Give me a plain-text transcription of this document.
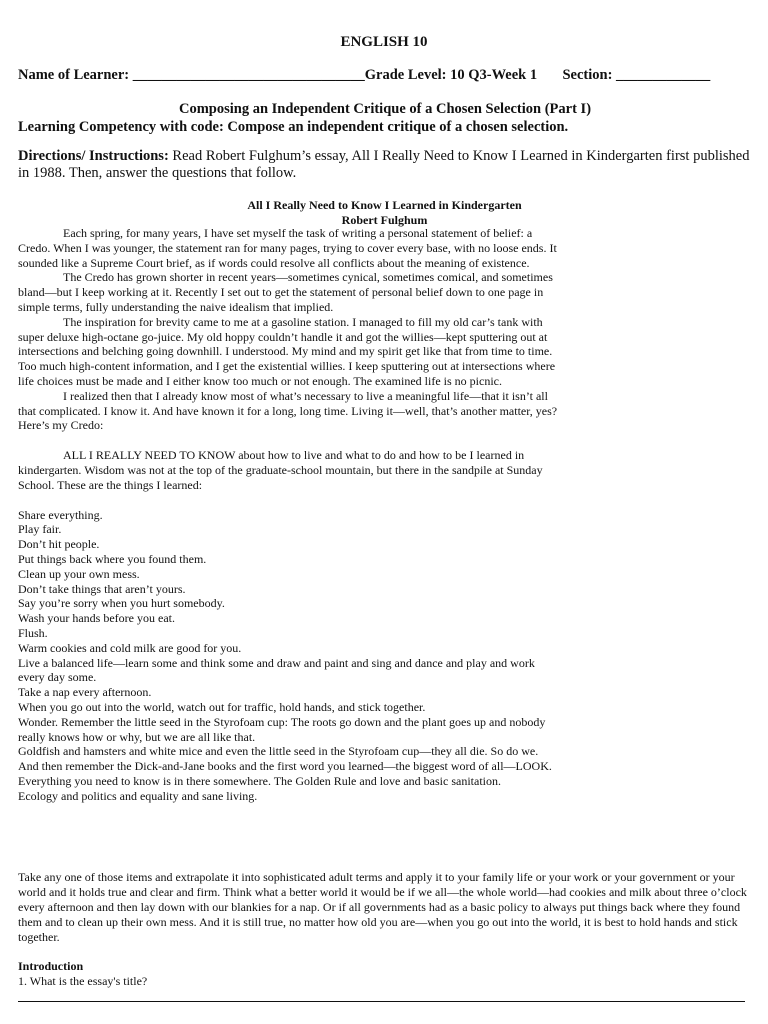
ENGLISH 10
Name of Learner: ________________________________Grade Level: 10 Q3-Week 1       Section: _____________
Composing an Independent Critique of a Chosen Selection (Part I)
Learning Competency with code: Compose an independent critique of a chosen selection.
Directions/ Instructions: Read Robert Fulghum’s essay, All I Really Need to Know I Learned in Kindergarten first published in 1988. Then, answer the questions that follow.
All I Really Need to Know I Learned in Kindergarten
Robert Fulghum

Each spring, for many years, I have set myself the task of writing a personal statement of belief: a Credo. When I was younger, the statement ran for many pages, trying to cover every base, with no loose ends. It sounded like a Supreme Court brief, as if words could resolve all conflicts about the meaning of existence.

The Credo has grown shorter in recent years—sometimes cynical, sometimes comical, and sometimes bland—but I keep working at it. Recently I set out to get the statement of personal belief down to one page in simple terms, fully understanding the naive idealism that implied.

The inspiration for brevity came to me at a gasoline station. I managed to fill my old car’s tank with super deluxe high-octane go-juice. My old hoppy couldn’t handle it and got the willies—kept sputtering out at intersections and belching going downhill. I understood. My mind and my spirit get like that from time to time. Too much high-content information, and I get the existential willies. I keep sputtering out at intersections where life choices must be made and I either know too much or not enough. The examined life is no picnic.

I realized then that I already know most of what’s necessary to live a meaningful life—that it isn’t all that complicated. I know it. And have known it for a long, long time. Living it—well, that’s another matter, yes? Here’s my Credo:

ALL I REALLY NEED TO KNOW about how to live and what to do and how to be I learned in kindergarten. Wisdom was not at the top of the graduate-school mountain, but there in the sandpile at Sunday School. These are the things I learned:

Share everything.
Play fair.
Don’t hit people.
Put things back where you found them.
Clean up your own mess.
Don’t take things that aren’t yours.
Say you’re sorry when you hurt somebody.
Wash your hands before you eat.
Flush.
Warm cookies and cold milk are good for you.
Live a balanced life—learn some and think some and draw and paint and sing and dance and play and work every day some.
Take a nap every afternoon.
When you go out into the world, watch out for traffic, hold hands, and stick together.
Wonder. Remember the little seed in the Styrofoam cup: The roots go down and the plant goes up and nobody really knows how or why, but we are all like that.
Goldfish and hamsters and white mice and even the little seed in the Styrofoam cup—they all die. So do we.
And then remember the Dick-and-Jane books and the first word you learned—the biggest word of all—LOOK.
Everything you need to know is in there somewhere. The Golden Rule and love and basic sanitation.
Ecology and politics and equality and sane living.
Take any one of those items and extrapolate it into sophisticated adult terms and apply it to your family life or your work or your government or your world and it holds true and clear and firm. Think what a better world it would be if we all—the whole world—had cookies and milk about three o’clock every afternoon and then lay down with our blankies for a nap. Or if all governments had as a basic policy to always put things back where they found them and to clean up their own mess. And it is still true, no matter how old you are—when you go out into the world, it is best to hold hands and stick together.
Introduction
1. What is the essay's title?
